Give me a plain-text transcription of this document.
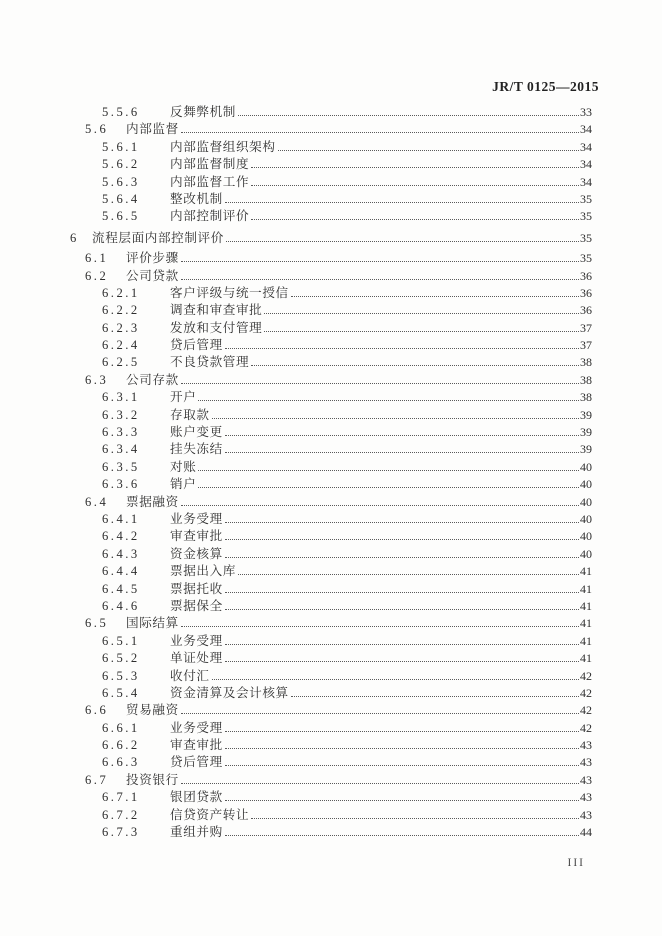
JR/T 0125—2015
5.5.6	反舞弊机制	33
5.6	内部监督	34
5.6.1	内部监督组织架构	34
5.6.2	内部监督制度	34
5.6.3	内部监督工作	34
5.6.4	整改机制	35
5.6.5	内部控制评价	35
6	流程层面内部控制评价	35
6.1	评价步骤	35
6.2	公司贷款	36
6.2.1	客户评级与统一授信	36
6.2.2	调查和审查审批	36
6.2.3	发放和支付管理	37
6.2.4	贷后管理	37
6.2.5	不良贷款管理	38
6.3	公司存款	38
6.3.1	开户	38
6.3.2	存取款	39
6.3.3	账户变更	39
6.3.4	挂失冻结	39
6.3.5	对账	40
6.3.6	销户	40
6.4	票据融资	40
6.4.1	业务受理	40
6.4.2	审查审批	40
6.4.3	资金核算	40
6.4.4	票据出入库	41
6.4.5	票据托收	41
6.4.6	票据保全	41
6.5	国际结算	41
6.5.1	业务受理	41
6.5.2	单证处理	41
6.5.3	收付汇	42
6.5.4	资金清算及会计核算	42
6.6	贸易融资	42
6.6.1	业务受理	42
6.6.2	审查审批	43
6.6.3	贷后管理	43
6.7	投资银行	43
6.7.1	银团贷款	43
6.7.2	信贷资产转让	43
6.7.3	重组并购	44
III
